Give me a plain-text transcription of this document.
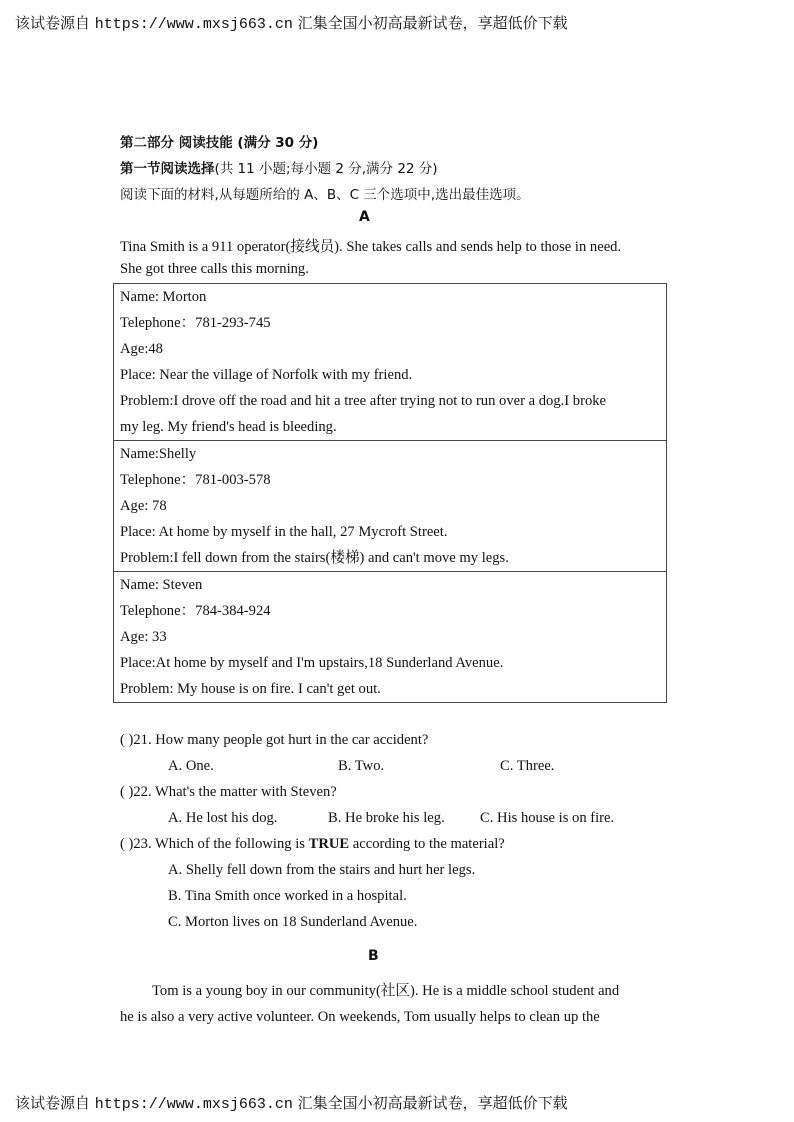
该试卷源自 https://www.mxsj663.cn 汇集全国小初高最新试卷，享超低价下载
第二部分 阅读技能 (满分 30 分)
第一节阅读选择(共 11 小题;每小题 2 分,满分 22 分)
阅读下面的材料,从每题所给的 A、B、C 三个选项中,选出最佳选项。
Tina Smith is a 911 operator(接线员). She takes calls and sends help to those in need.
She got three calls this morning.
A
Name: Morton
Telephone：781-293-745
Age:48
Place: Near the village of Norfolk with my friend.
Problem:I drove off the road and hit a tree after trying not to run over a dog.I broke
my leg. My friend's head is bleeding.
Name:Shelly
Telephone：781-003-578
Age: 78
Place: At home by myself in the hall, 27 Mycroft Street.
Problem:I fell down from the stairs(楼梯) and can't move my legs.
Name: Steven
Telephone：784-384-924
Age: 33
Place:At home by myself and I'm upstairs,18 Sunderland Avenue.
Problem: My house is on fire. I can't get out.
( )21. How many people got hurt in the car accident?
A. One.	B. Two.	C. Three.
( )22. What's the matter with Steven?
A. He lost his dog.	B. He broke his leg. C. His house is on fire.
( )23. Which of the following is TRUE according to the material?
A. Shelly fell down from the stairs and hurt her legs.
B. Tina Smith once worked in a hospital.
C. Morton lives on 18 Sunderland Avenue.
B
Tom is a young boy in our community(社区). He is a middle school student and
he is also a very active volunteer. On weekends, Tom usually helps to clean up the
该试卷源自 https://www.mxsj663.cn 汇集全国小初高最新试卷，享超低价下载
